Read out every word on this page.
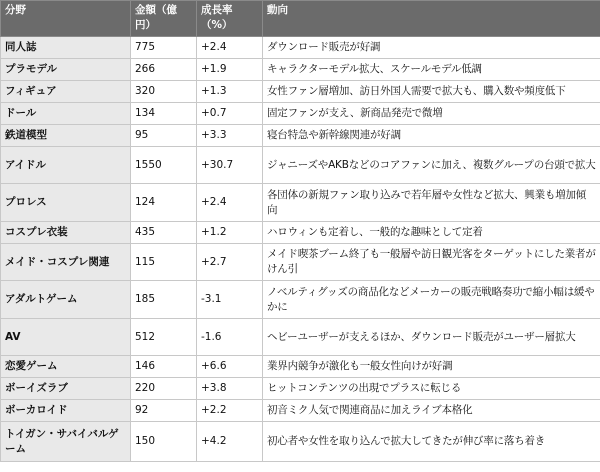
分野	金額（億円）	成長率（%）	動向
同人誌	775	+2.4	ダウンロード販売が好調
プラモデル	266	+1.9	キャラクターモデル拡大、スケールモデル低調
フィギュア	320	+1.3	女性ファン層増加、訪日外国人需要で拡大も、購入数や頻度低下
ドール	134	+0.7	固定ファンが支え、新商品発売で微増
鉄道模型	95	+3.3	寝台特急や新幹線関連が好調
アイドル	1550	+30.7	ジャニーズやAKBなどのコアファンに加え、複数グループの台頭で拡大
プロレス	124	+2.4	各団体の新規ファン取り込みで若年層や女性など拡大、興業も増加傾向
コスプレ衣装	435	+1.2	ハロウィンも定着し、一般的な趣味として定着
メイド・コスプレ関連	115	+2.7	メイド喫茶ブーム終了も一般層や訪日観光客をターゲットにした業者がけん引
アダルトゲーム	185	-3.1	ノベルティグッズの商品化などメーカーの販売戦略奏功で縮小幅は緩やかに
AV	512	-1.6	ヘビーユーザーが支えるほか、ダウンロード販売がユーザー層拡大
恋愛ゲーム	146	+6.6	業界内競争が激化も一般女性向けが好調
ボーイズラブ	220	+3.8	ヒットコンテンツの出現でプラスに転じる
ボーカロイド	92	+2.2	初音ミク人気で関連商品に加えライブ本格化
トイガン・サバイバルゲーム	150	+4.2	初心者や女性を取り込んで拡大してきたが伸び率に落ち着き
